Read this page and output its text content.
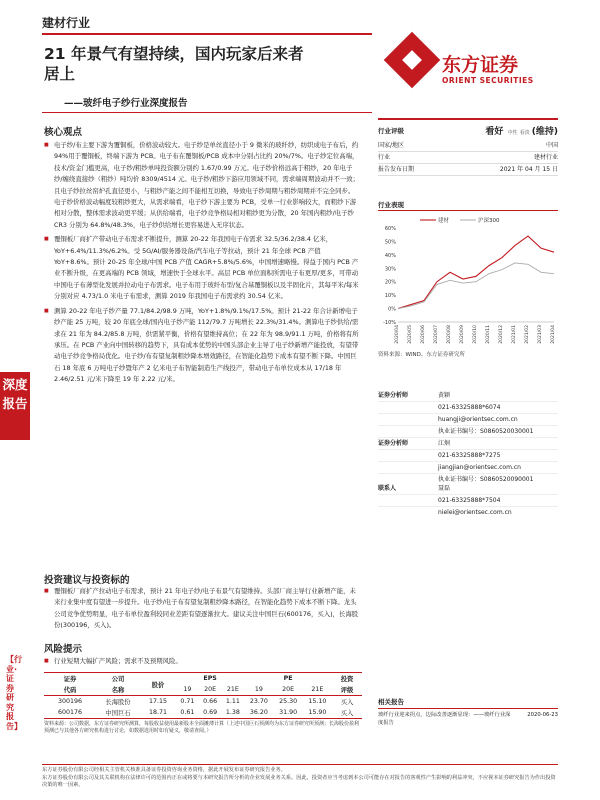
建材行业
21 年景气有望持续，国内玩家后来者
居上
——玻纤电子纱行业深度报告
东方证券
ORIENT SECURITIES
深度
报告
【行业·证券研究报告】
核心观点
■ 电子纱/布主要下游为覆铜板，价格波动较大。电子纱是单丝直径小于 9 微米的玻纤纱，纺织成电子布后，约 94%用于覆铜板，终端下游为 PCB。电子布在覆铜板/PCB 成本中分别占比约 20%/7%。电子纱定位高端，技术/资金门槛更高，电子纱/粗纱单吨投资额分别约 1.67/0.99 万元。电子纱价格远高于粗纱，20 年电子纱/缠绕直接纱（粗纱）吨均价 8309/4514 元。电子纱/粗纱下游应用领域不同，需求端周期波动并不一致；且电子纱拉丝窑炉孔直径更小，与粗纱产能之间不能相互切换，导致电子纱周期与粗纱周期并不完全同步。电子纱价格波动幅度较粗纱更大，从需求端看，电子纱下游主要为 PCB，受单一行业影响较大，而粗纱下游相对分散，整体需求波动更平缓；从供给端看，电子纱竞争格局相对粗纱更为分散，20 年国内粗纱/电子纱 CR3 分别为 64.8%/48.3%，电子纱供给增长更容易进入无序状态。
■ 覆铜板厂商扩产带动电子布需求不断提升，测算 20-22 年我国电子布需求 32.5/36.2/38.4 亿米，YoY+6.4%/11.3%/6.2%。受 5G/AI/服务器设备/汽车电子等拉动，预计 21 年全球 PCB 产值 YoY+8.6%。预计 20-25 年全球/中国 PCB 产值 CAGR+5.8%/5.6%，中国增速略慢。得益于国内 PCB 产业不断升级，在更高端的 PCB 领域，增速快于全球水平。高层 PCB 单位面积所需电子布更厚/更多，可带动中国电子布薄型化发展并拉动电子布需求。电子布用于玻纤布型/复合基覆铜板以及半固化片，其每平米/每米分别对应 4.73/1.0 米电子布需求，测算 2019 年我国电子布需求约 30.54 亿米。
■ 测算 20-22 年电子纱产量 77.1/84.2/98.9 万吨，YoY+1.8%/9.1%/17.5%。预计 21-22 年合计新增电子纱产能 25 万吨，较 20 年底全球/国内电子纱产能 112/79.7 万吨增长 22.3%/31.4%。测算电子纱供给/需求在 21 年为 84.2/85.8 万吨，供需紧平衡，价格有望维持高位；在 22 年为 98.9/91.1 万吨，价格将有所承压。在 PCB 产业向中国转移的趋势下，具有成本优势的中国头部企业主导了电子纱新增产能投放，有望带动电子纱竞争格局优化。电子纱/布有望复制粗纱降本增效路径，在智能化趋势下成本有望不断下降。中国巨石 18 年底 6 万吨电子纱暨年产 2 亿米电子布智能制造生产线投产，带动电子布单位成本从 17/18 年 2.46/2.51 元/米下降至 19 年 2.22 元/米。
投资建议与投资标的
■ 覆铜板厂商扩产拉动电子布需求，预计 21 年电子纱/电子布景气有望维持。头部厂商主导行业新增产能，未来行业集中度有望进一步提升。电子纱/电子布有望复制粗纱降本路径，在智能化趋势下成本不断下降。龙头公司竞争优势明显，电子布单位盈利较同业差距有望逐渐拉大。建议关注中国巨石(600176，买入)，长海股份(300196，买入)。
风险提示
■ 行业短期大幅扩产风险；需求不及预期风险。
证券	公司	股价	EPS			PE			投资
代码	名称		19	20E	21E	19	20E	21E	评级
300196	长海股份	17.15	0.71	0.66	1.11	23.70	25.30	15.10	买入
600176	中国巨石	18.71	0.61	0.69	1.38	36.20	31.90	15.90	买入
资料来源：公司数据，东方证券研究所测算，每股收益使用最新股本全面摊薄计算（上述中国巨石预测均为东方证券研究所预测；长海股份盈利预测已与其他各方研究机构进行讨论，如数据选用时如有疑义，敬请查阅。）
行业评级	看好 中性 看淡 (维持)
国家/地区	中国
行业	建材行业
报告发布日期	2021 年 04 月 15 日
行业表现
60%
50%
40%
30%
20%
10%
0%
-10%
2020/04 2020/05 2020/06 2020/07 2020/08 2020/09 2020/10 2020/11 2020/12 2021/01 2021/02 2021/03 2021/04
建材	沪深300
资料来源：WIND、东方证券研究所
证券分析师	黄颖
021-63325888*6074
huangji@orientsec.com.cn
执业证书编号：S0860520030001
证券分析师	江炯
021-63325888*7275
jiangjian@orientsec.com.cn
执业证书编号：S0860520090001
联系人	聂磊
021-63325888*7504
nielei@orientsec.com.cn
相关报告
玻纤行业迎来拐点，边际改善逐渐显现：——玻纤行业深度报告
2020-06-23
东方证券股份有限公司经相关主管机关核准具备证券投资咨询业务资格，据此开展发布证券研究报告业务。
东方证券股份有限公司及其关联机构在法律许可的范围内正在或将要与本研究报告所分析的企业发展业务关系。因此，投资者应当考虑到本公司可能存在对报告的客观性产生影响的利益冲突，不应视本证券研究报告为作出投资决策的唯一因素。
